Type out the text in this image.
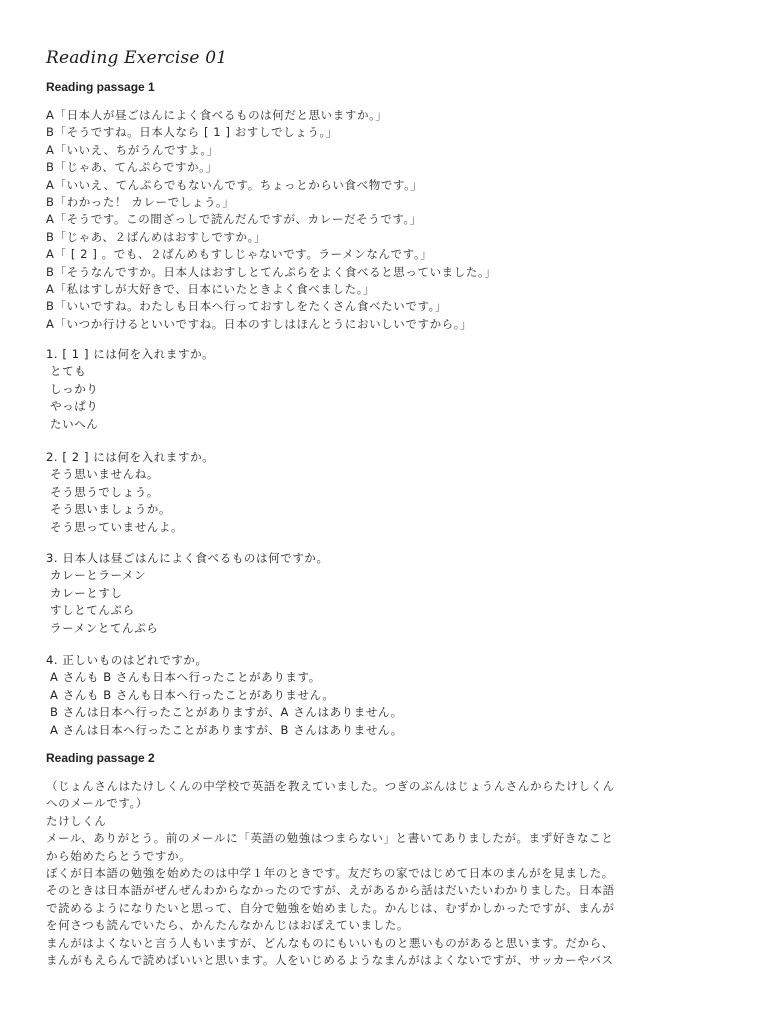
Reading Exercise 01
Reading passage 1
A「日本人が昼ごはんによく食べるものは何だと思いますか。」
B「そうですね。日本人なら [ 1 ] おすしでしょう。」
A「いいえ、ちがうんですよ。」
B「じゃあ、てんぷらですか。」
A「いいえ、てんぷらでもないんです。ちょっとからい食べ物です。」
B「わかった！ カレーでしょう。」
A「そうです。この間ざっしで読んだんですが、カレーだそうです。」
B「じゃあ、２ばんめはおすしですか。」
A「 [ 2 ] 。でも、２ばんめもすしじゃないです。ラーメンなんです。」
B「そうなんですか。日本人はおすしとてんぷらをよく食べると思っていました。」
A「私はすしが大好きで、日本にいたときよく食べました。」
B「いいですね。わたしも日本へ行っておすしをたくさん食べたいです。」
A「いつか行けるといいですね。日本のすしはほんとうにおいしいですから。」
1. [ 1 ] には何を入れますか。
とても
しっかり
やっぱり
たいへん
2. [ 2 ] には何を入れますか。
そう思いませんね。
そう思うでしょう。
そう思いましょうか。
そう思っていませんよ。
3. 日本人は昼ごはんによく食べるものは何ですか。
カレーとラーメン
カレーとすし
すしとてんぷら
ラーメンとてんぷら
4. 正しいものはどれですか。
A さんも B さんも日本へ行ったことがあります。
A さんも B さんも日本へ行ったことがありません。
B さんは日本へ行ったことがありますが、A さんはありません。
A さんは日本へ行ったことがありますが、B さんはありません。
Reading passage 2
（じょんさんはたけしくんの中学校で英語を教えていました。つぎのぶんはじょうんさんからたけしくん
へのメールです。）
たけしくん
メール、ありがとう。前のメールに「英語の勉強はつまらない」と書いてありましたが。まず好きなこと
から始めたらとうですか。
ぼくが日本語の勉強を始めたのは中学１年のときです。友だちの家ではじめて日本のまんがを見ました。
そのときは日本語がぜんぜんわからなかったのですが、えがあるから話はだいたいわかりました。日本語
で読めるようになりたいと思って、自分で勉強を始めました。かんじは、むずかしかったですが、まんが
を何さつも読んでいたら、かんたんなかんじはおぼえていました。
まんがはよくないと言う人もいますが、どんなものにもいいものと悪いものがあると思います。だから、
まんがもえらんで読めばいいと思います。人をいじめるようなまんがはよくないですが、サッカーやバス
